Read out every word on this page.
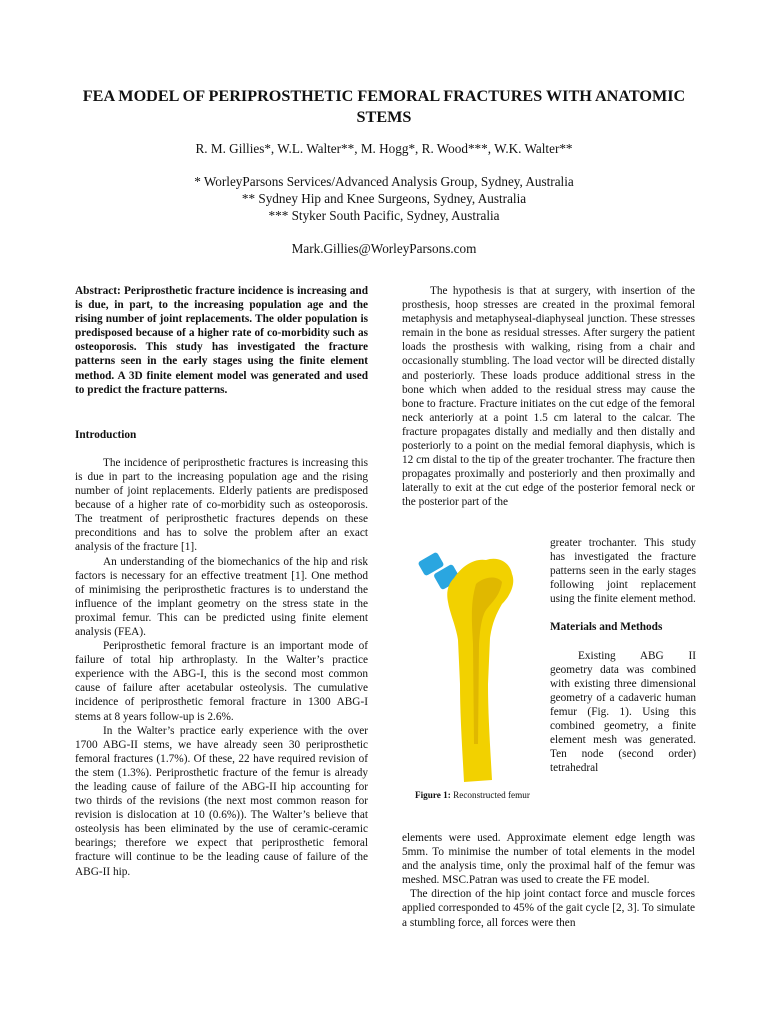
FEA MODEL OF PERIPROSTHETIC FEMORAL FRACTURES WITH ANATOMIC STEMS
R. M. Gillies*, W.L. Walter**, M. Hogg*, R. Wood***, W.K. Walter**
* WorleyParsons Services/Advanced Analysis Group, Sydney, Australia
** Sydney Hip and Knee Surgeons, Sydney, Australia
*** Styker South Pacific, Sydney, Australia
Mark.Gillies@WorleyParsons.com

Abstract: Periprosthetic fracture incidence is increasing and is due, in part, to the increasing population age and the rising number of joint replacements. The older population is predisposed because of a higher rate of co-morbidity such as osteoporosis. This study has investigated the fracture patterns seen in the early stages using the finite element method. A 3D finite element model was generated and used to predict the fracture patterns.

Introduction

The incidence of periprosthetic fractures is increasing this is due in part to the increasing population age and the rising number of joint replacements. Elderly patients are predisposed because of a higher rate of co-morbidity such as osteoporosis. The treatment of periprosthetic fractures depends on these preconditions and has to solve the problem after an exact analysis of the fracture [1].

An understanding of the biomechanics of the hip and risk factors is necessary for an effective treatment [1]. One method of minimising the periprosthetic fractures is to understand the influence of the implant geometry on the stress state in the proximal femur. This can be predicted using finite element analysis (FEA).

Periprosthetic femoral fracture is an important mode of failure of total hip arthroplasty. In the Walter’s practice experience with the ABG-I, this is the second most common cause of failure after acetabular osteolysis. The cumulative incidence of periprosthetic femoral fracture in 1300 ABG-I stems at 8 years follow-up is 2.6%.

In the Walter’s practice early experience with the over 1700 ABG-II stems, we have already seen 30 periprosthetic femoral fractures (1.7%). Of these, 22 have required revision of the stem (1.3%). Periprosthetic fracture of the femur is already the leading cause of failure of the ABG-II hip accounting for two thirds of the revisions (the next most common reason for revision is dislocation at 10 (0.6%)). The Walter’s believe that osteolysis has been eliminated by the use of ceramic-ceramic bearings; therefore we expect that periprosthetic femoral fracture will continue to be the leading cause of failure of the ABG-II hip.

The hypothesis is that at surgery, with insertion of the prosthesis, hoop stresses are created in the proximal femoral metaphysis and metaphyseal-diaphyseal junction. These stresses remain in the bone as residual stresses. After surgery the patient loads the prosthesis with walking, rising from a chair and occasionally stumbling. The load vector will be directed distally and posteriorly. These loads produce additional stress in the bone which when added to the residual stress may cause the bone to fracture. Fracture initiates on the cut edge of the femoral neck anteriorly at a point 1.5 cm lateral to the calcar. The fracture propagates distally and medially and then distally and posteriorly to a point on the medial femoral diaphysis, which is 12 cm distal to the tip of the greater trochanter. The fracture then propagates proximally and posteriorly and then proximally and laterally to exit at the cut edge of the posterior femoral neck or the posterior part of the

greater trochanter. This study has investigated the fracture patterns seen in the early stages following joint replacement using the finite element method.

Materials and Methods

Existing ABG II geometry data was combined with existing three dimensional geometry of a cadaveric human femur (Fig. 1). Using this combined geometry, a finite element mesh was generated. Ten node (second order) tetrahedral

Figure 1: Reconstructed femur

elements were used. Approximate element edge length was 5mm. To minimise the number of total elements in the model and the analysis time, only the proximal half of the femur was meshed. MSC.Patran was used to create the FE model.

The direction of the hip joint contact force and muscle forces applied corresponded to 45% of the gait cycle [2, 3]. To simulate a stumbling force, all forces were then
